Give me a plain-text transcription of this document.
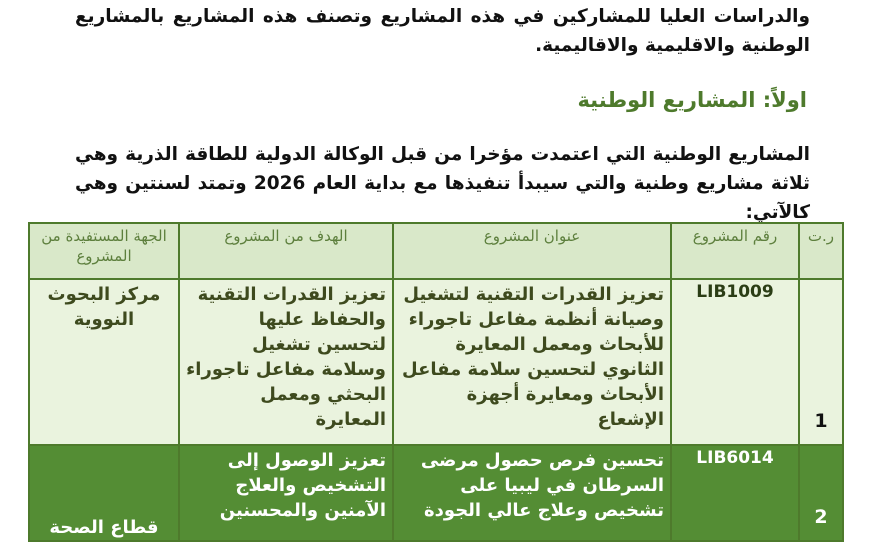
والدراسات العليا للمشاركين في هذه المشاريع وتصنف هذه المشاريع بالمشاريع الوطنية والاقليمية والاقاليمية.

اولاً: المشاريع الوطنية

المشاريع الوطنية التي اعتمدت مؤخرا من قبل الوكالة الدولية للطاقة الذرية وهي ثلاثة مشاريع وطنية والتي سيبدأ تنفيذها مع بداية العام 2026 وتمتد لسنتين وهي كالآتي:

ر.ت	رقم المشروع	عنوان المشروع	الهدف من المشروع	الجهة المستفيدة من المشروع
1	LIB1009	تعزيز القدرات التقنية لتشغيل وصيانة أنظمة مفاعل تاجوراء للأبحاث ومعمل المعايرة الثانوي لتحسين سلامة مفاعل الأبحاث ومعايرة أجهزة الإشعاع	تعزيز القدرات التقنية والحفاظ عليها لتحسين تشغيل وسلامة مفاعل تاجوراء البحثي ومعمل المعايرة	مركز البحوث النووية

2	LIB6014	تحسين فرص حصول مرضى السرطان في ليبيا على تشخيص وعلاج عالي الجودة	تعزيز الوصول إلى التشخيص والعلاج الآمنين والمحسنين	قطاع الصحة
